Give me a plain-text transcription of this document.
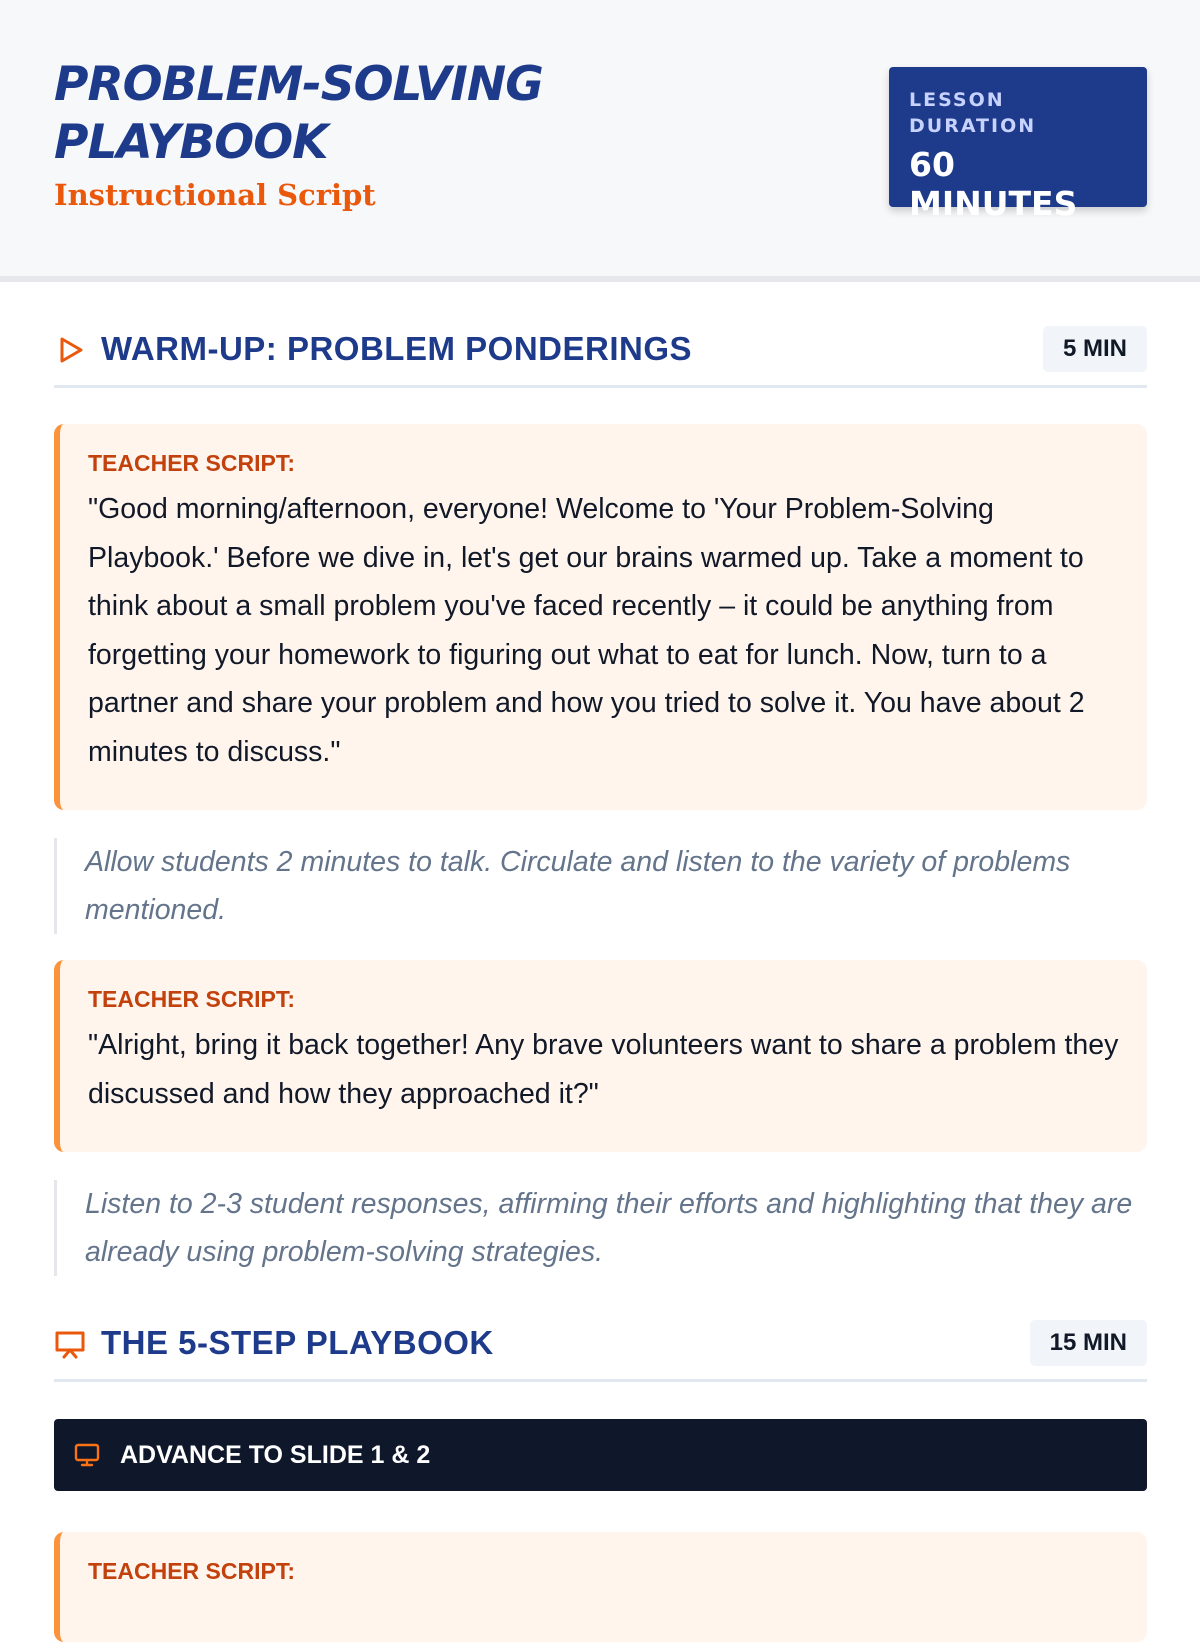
PROBLEM-SOLVING PLAYBOOK
Instructional Script
LESSON DURATION
60 MINUTES
WARM-UP: PROBLEM PONDERINGS	5 MIN
TEACHER SCRIPT:
"Good morning/afternoon, everyone! Welcome to 'Your Problem-Solving Playbook.' Before we dive in, let's get our brains warmed up. Take a moment to think about a small problem you've faced recently – it could be anything from forgetting your homework to figuring out what to eat for lunch. Now, turn to a partner and share your problem and how you tried to solve it. You have about 2 minutes to discuss."
Allow students 2 minutes to talk. Circulate and listen to the variety of problems mentioned.
TEACHER SCRIPT:
"Alright, bring it back together! Any brave volunteers want to share a problem they discussed and how they approached it?"
Listen to 2-3 student responses, affirming their efforts and highlighting that they are already using problem-solving strategies.
THE 5-STEP PLAYBOOK	15 MIN
ADVANCE TO SLIDE 1 & 2
TEACHER SCRIPT:
